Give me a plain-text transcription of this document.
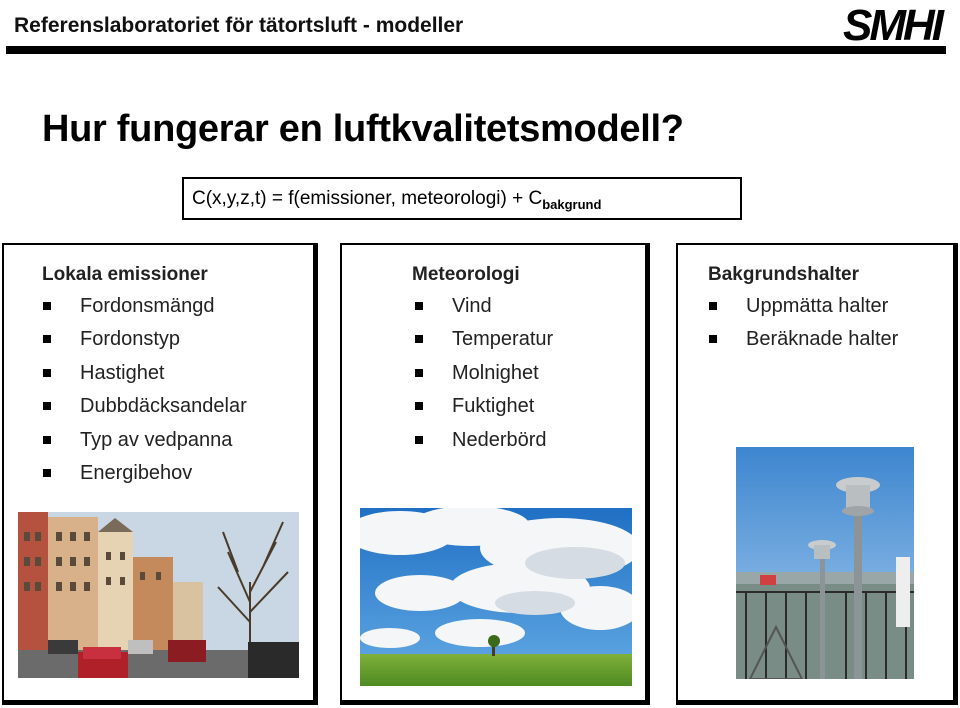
Referenslaboratoriet för tätortsluft - modeller	SMHI
Hur fungerar en luftkvalitetsmodell?
C(x,y,z,t) = f(emissioner, meteorologi) + $C_{bakgrund}$
Lokala emissioner
Fordonsmängd
Fordonstyp
Hastighet
Dubbdäcksandelar
Typ av vedpanna
Energibehov
Meteorologi
Vind
Temperatur
Molnighet
Fuktighet
Nederbörd
Bakgrundshalter
Uppmätta halter
Beräknade halter
